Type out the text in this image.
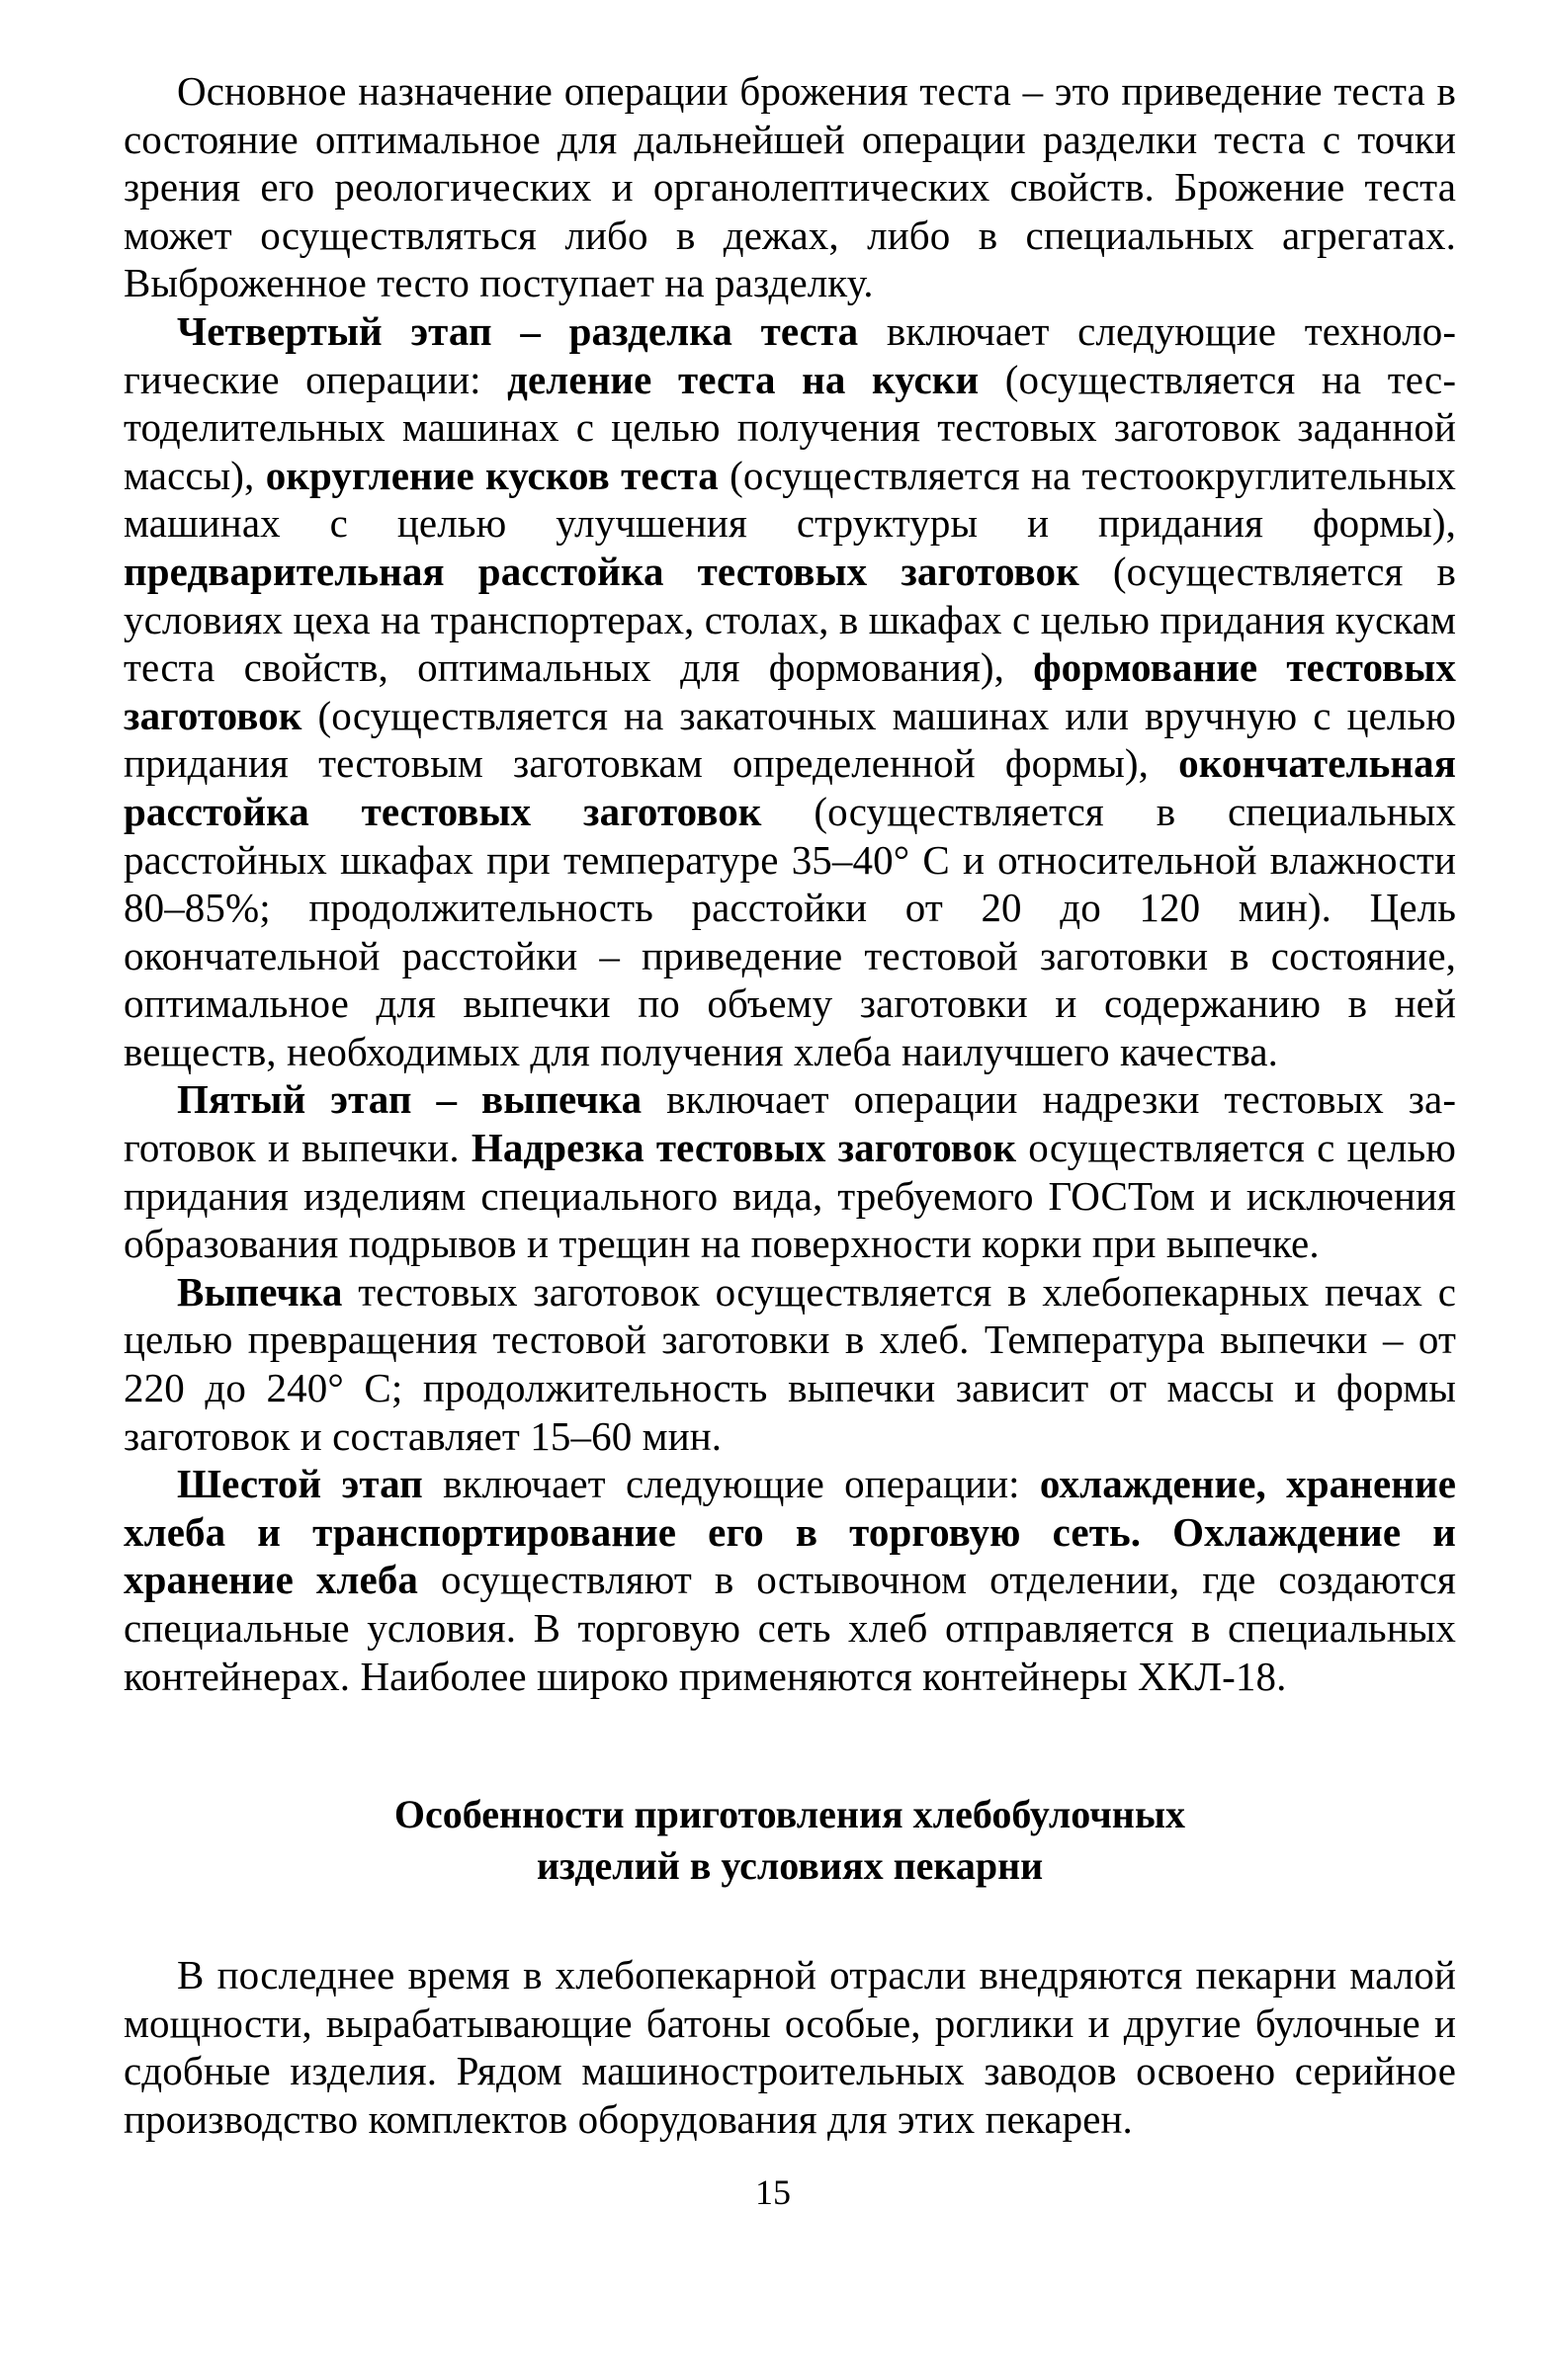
Основное назначение операции брожения теста – это приведение теста в состояние оптимальное для дальнейшей операции разделки теста с точки зрения его реологических и органолептических свойств. Брожение теста может осуществляться либо в дежах, либо в специальных агрегатах. Выброженное тесто поступает на разделку.

Четвертый этап – разделка теста включает следующие технологические операции: деление теста на куски (осуществляется на тестоделительных машинах с целью получения тестовых заготовок заданной массы), округление кусков теста (осуществляется на тестоокруглительных машинах с целью улучшения структуры и придания формы), предварительная расстойка тестовых заготовок (осуществляется в условиях цеха на транспортерах, столах, в шкафах с целью придания кускам теста свойств, оптимальных для формования), формование тестовых заготовок (осуществляется на закаточных машинах или вручную с целью придания тестовым заготовкам определенной формы), окончательная расстойка тестовых заготовок (осуществляется в специальных расстойных шкафах при температуре 35–40° С и относительной влажности 80–85%; продолжительность расстойки от 20 до 120 мин). Цель окончательной расстойки – приведение тестовой заготовки в состояние, оптимальное для выпечки по объему заготовки и содержанию в ней веществ, необходимых для получения хлеба наилучшего качества.

Пятый этап – выпечка включает операции надрезки тестовых заготовок и выпечки. Надрезка тестовых заготовок осуществляется с целью придания изделиям специального вида, требуемого ГОСТом и исключения образования подрывов и трещин на поверхности корки при выпечке.

Выпечка тестовых заготовок осуществляется в хлебопекарных печах с целью превращения тестовой заготовки в хлеб. Температура выпечки – от 220 до 240° С; продолжительность выпечки зависит от массы и формы заготовок и составляет 15–60 мин.

Шестой этап включает следующие операции: охлаждение, хранение хлеба и транспортирование его в торговую сеть. Охлаждение и хранение хлеба осуществляют в остывочном отделении, где создаются специальные условия. В торговую сеть хлеб отправляется в специальных контейнерах. Наиболее широко применяются контейнеры ХКЛ-18.

Особенности приготовления хлебобулочных
изделий в условиях пекарни

В последнее время в хлебопекарной отрасли внедряются пекарни малой мощности, вырабатывающие батоны особые, роглики и другие булочные и сдобные изделия. Рядом машиностроительных заводов освоено серийное производство комплектов оборудования для этих пекарен.

15
